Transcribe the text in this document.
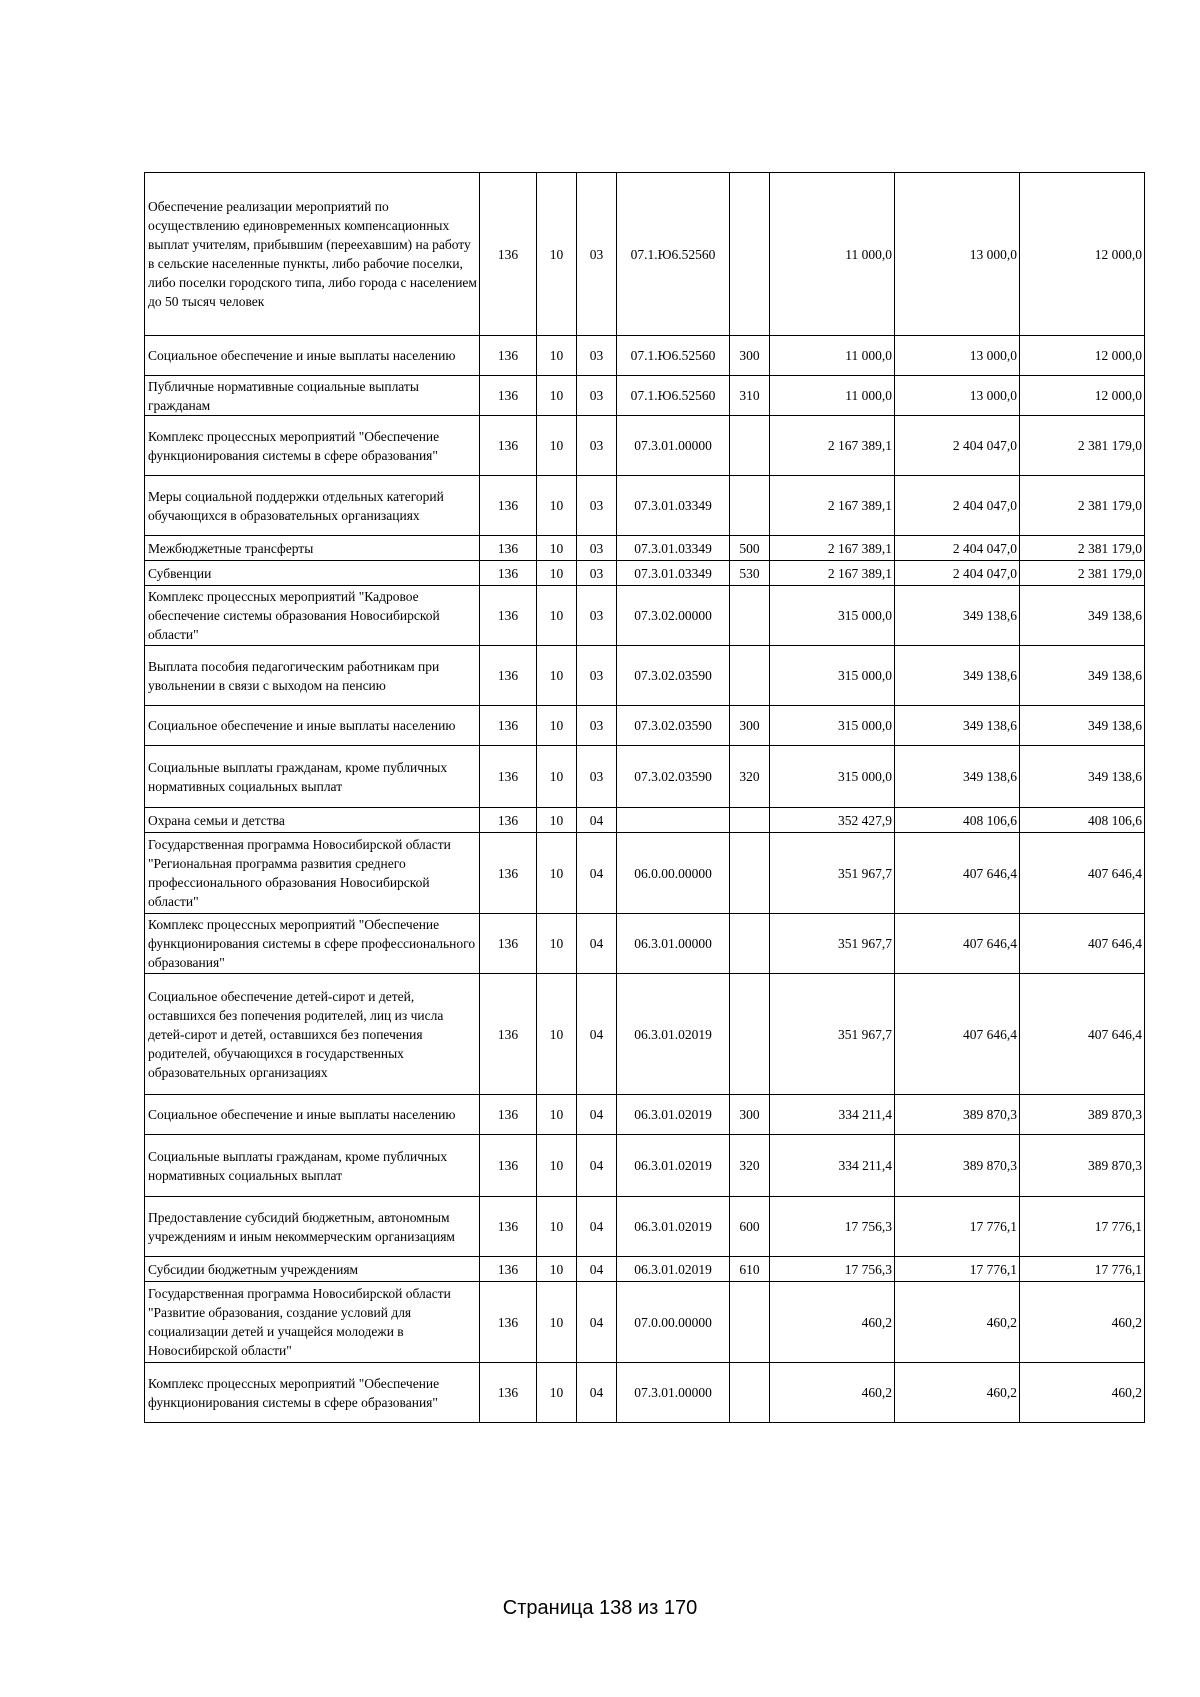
Обеспечение реализации мероприятий по осуществлению единовременных компенсационных выплат учителям, прибывшим (переехавшим) на работу в сельские населенные пункты, либо рабочие поселки, либо поселки городского типа, либо города с населением до 50 тысяч человек	136	10	03	07.1.Ю6.52560		11 000,0	13 000,0	12 000,0
Социальное обеспечение и иные выплаты населению	136	10	03	07.1.Ю6.52560	300	11 000,0	13 000,0	12 000,0
Публичные нормативные социальные выплаты гражданам	136	10	03	07.1.Ю6.52560	310	11 000,0	13 000,0	12 000,0
Комплекс процессных мероприятий "Обеспечение функционирования системы в сфере образования"	136	10	03	07.3.01.00000		2 167 389,1	2 404 047,0	2 381 179,0
Меры социальной поддержки отдельных категорий обучающихся в образовательных организациях	136	10	03	07.3.01.03349		2 167 389,1	2 404 047,0	2 381 179,0
Межбюджетные трансферты	136	10	03	07.3.01.03349	500	2 167 389,1	2 404 047,0	2 381 179,0
Субвенции	136	10	03	07.3.01.03349	530	2 167 389,1	2 404 047,0	2 381 179,0
Комплекс процессных мероприятий "Кадровое обеспечение системы образования Новосибирской области"	136	10	03	07.3.02.00000		315 000,0	349 138,6	349 138,6
Выплата пособия педагогическим работникам при увольнении в связи с выходом на пенсию	136	10	03	07.3.02.03590		315 000,0	349 138,6	349 138,6
Социальное обеспечение и иные выплаты населению	136	10	03	07.3.02.03590	300	315 000,0	349 138,6	349 138,6
Социальные выплаты гражданам, кроме публичных нормативных социальных выплат	136	10	03	07.3.02.03590	320	315 000,0	349 138,6	349 138,6
Охрана семьи и детства	136	10	04			352 427,9	408 106,6	408 106,6
Государственная программа Новосибирской области "Региональная программа развития среднего профессионального образования Новосибирской области"	136	10	04	06.0.00.00000		351 967,7	407 646,4	407 646,4
Комплекс процессных мероприятий "Обеспечение функционирования системы в сфере профессионального образования"	136	10	04	06.3.01.00000		351 967,7	407 646,4	407 646,4
Социальное обеспечение детей-сирот и детей, оставшихся без попечения родителей, лиц из числа детей-сирот и детей, оставшихся без попечения родителей, обучающихся в государственных образовательных организациях	136	10	04	06.3.01.02019		351 967,7	407 646,4	407 646,4
Социальное обеспечение и иные выплаты населению	136	10	04	06.3.01.02019	300	334 211,4	389 870,3	389 870,3
Социальные выплаты гражданам, кроме публичных нормативных социальных выплат	136	10	04	06.3.01.02019	320	334 211,4	389 870,3	389 870,3
Предоставление субсидий бюджетным, автономным учреждениям и иным некоммерческим организациям	136	10	04	06.3.01.02019	600	17 756,3	17 776,1	17 776,1
Субсидии бюджетным учреждениям	136	10	04	06.3.01.02019	610	17 756,3	17 776,1	17 776,1
Государственная программа Новосибирской области "Развитие образования, создание условий для социализации детей и учащейся молодежи в Новосибирской области"	136	10	04	07.0.00.00000		460,2	460,2	460,2
Комплекс процессных мероприятий "Обеспечение функционирования системы в сфере образования"	136	10	04	07.3.01.00000		460,2	460,2	460,2
Страница 138 из 170
